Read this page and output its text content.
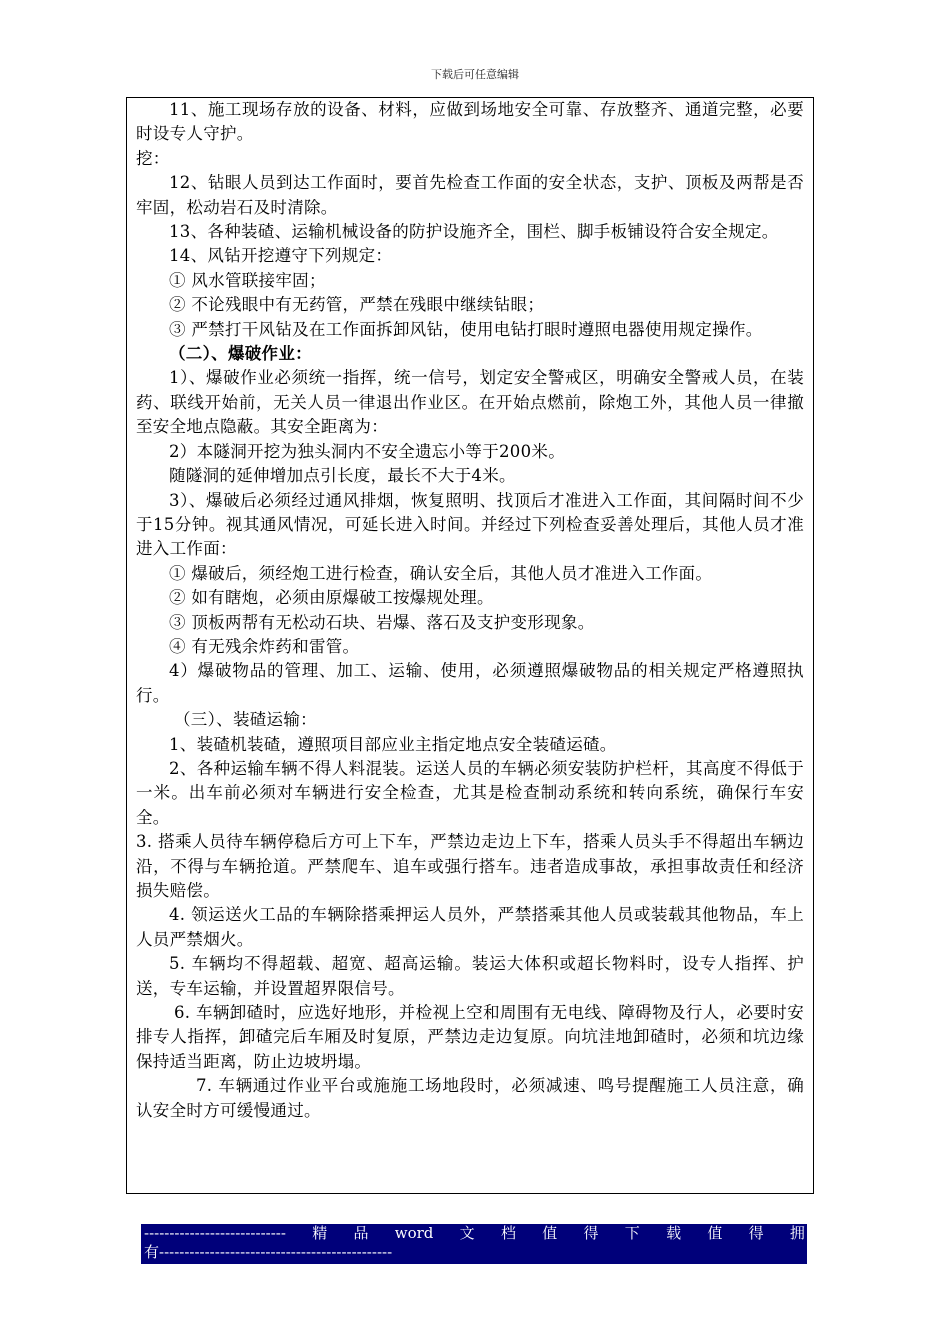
下载后可任意编辑

11、施工现场存放的设备、材料，应做到场地安全可靠、存放整齐、通道完整，必要时设专人守护。

挖：

12、钻眼人员到达工作面时，要首先检查工作面的安全状态，支护、顶板及两帮是否牢固，松动岩石及时清除。

13、各种装碴、运输机械设备的防护设施齐全，围栏、脚手板铺设符合安全规定。

14、风钻开挖遵守下列规定：

① 风水管联接牢固；

② 不论残眼中有无药管，严禁在残眼中继续钻眼；

③ 严禁打干风钻及在工作面拆卸风钻，使用电钻打眼时遵照电器使用规定操作。

（二）、爆破作业：

1）、爆破作业必须统一指挥，统一信号，划定安全警戒区，明确安全警戒人员，在装药、联线开始前，无关人员一律退出作业区。在开始点燃前，除炮工外，其他人员一律撤至安全地点隐蔽。其安全距离为：

2）本隧洞开挖为独头洞内不安全遗忘小等于200米。

随隧洞的延伸增加点引长度，最长不大于4米。

3）、爆破后必须经过通风排烟，恢复照明、找顶后才准进入工作面，其间隔时间不少于15分钟。视其通风情况，可延长进入时间。并经过下列检查妥善处理后，其他人员才准进入工作面：

① 爆破后，须经炮工进行检查，确认安全后，其他人员才准进入工作面。

② 如有瞎炮，必须由原爆破工按爆规处理。

③ 顶板两帮有无松动石块、岩爆、落石及支护变形现象。

④ 有无残余炸药和雷管。

4）爆破物品的管理、加工、运输、使用，必须遵照爆破物品的相关规定严格遵照执行。

（三）、装碴运输：

1、装碴机装碴，遵照项目部应业主指定地点安全装碴运碴。

2、各种运输车辆不得人料混装。运送人员的车辆必须安装防护栏杆，其高度不得低于一米。出车前必须对车辆进行安全检查，尤其是检查制动系统和转向系统，确保行车安全。

3. 搭乘人员待车辆停稳后方可上下车，严禁边走边上下车，搭乘人员头手不得超出车辆边沿，不得与车辆抢道。严禁爬车、追车或强行搭车。违者造成事故，承担事故责任和经济损失赔偿。

4. 领运送火工品的车辆除搭乘押运人员外，严禁搭乘其他人员或装载其他物品，车上人员严禁烟火。

5. 车辆均不得超载、超宽、超高运输。装运大体积或超长物料时，设专人指挥、护送，专车运输，并设置超界限信号。

6. 车辆卸碴时，应选好地形，并检视上空和周围有无电线、障碍物及行人，必要时安排专人指挥，卸碴完后车厢及时复原，严禁边走边复原。向坑洼地卸碴时，必须和坑边缘保持适当距离，防止边坡坍塌。

7. 车辆通过作业平台或施施工场地段时，必须减速、鸣号提醒施工人员注意，确认安全时方可缓慢通过。

---------------------------- 精 品 word 文 档 值 得 下 载 值 得 拥
有----------------------------------------------
